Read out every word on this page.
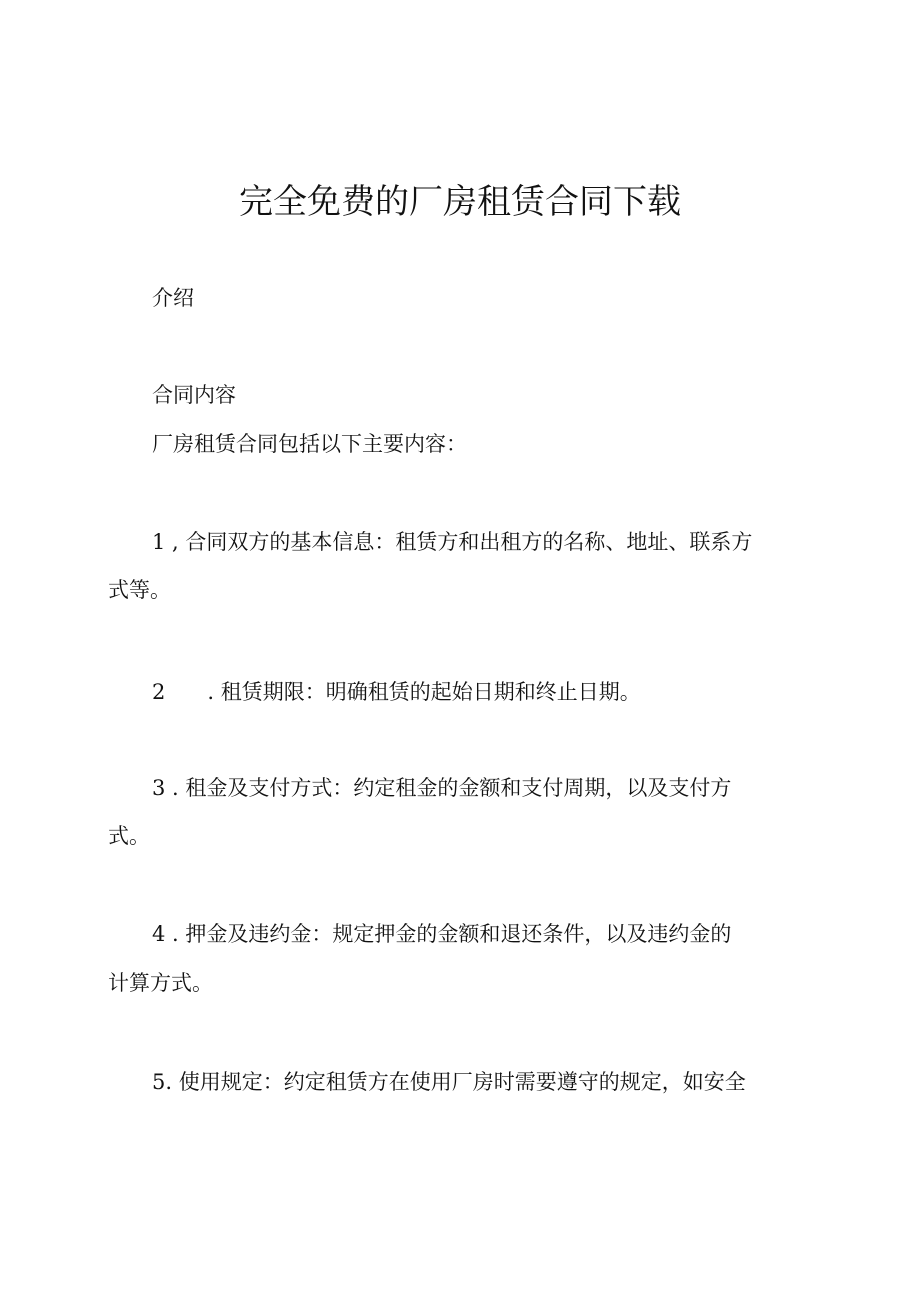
完全免费的厂房租赁合同下载
介绍
合同内容
厂房租赁合同包括以下主要内容：
1 , 合同双方的基本信息：租赁方和出租方的名称、地址、联系方
式等。
2　　. 租赁期限：明确租赁的起始日期和终止日期。
3 . 租金及支付方式：约定租金的金额和支付周期，以及支付方
式。
4 . 押金及违约金：规定押金的金额和退还条件，以及违约金的
计算方式。
5. 使用规定：约定租赁方在使用厂房时需要遵守的规定，如安全
